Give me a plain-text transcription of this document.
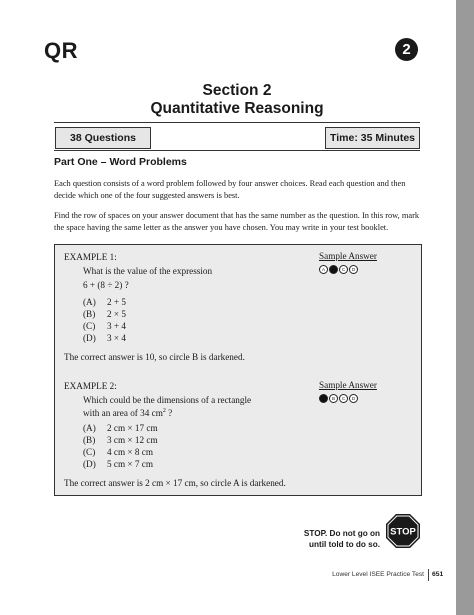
QR	2
Section 2
Quantitative Reasoning
38 Questions	Time: 35 Minutes
Part One – Word Problems
Each question consists of a word problem followed by four answer choices. Read each question and then decide which one of the four suggested answers is best.
Find the row of spaces on your answer document that has the same number as the question. In this row, mark the space having the same letter as the answer you have chosen. You may write in your test booklet.
EXAMPLE 1:
What is the value of the expression
6 + (8 ÷ 2) ?
(A) 2 + 5
(B) 2 × 5
(C) 3 + 4
(D) 3 × 4
The correct answer is 10, so circle B is darkened.
Sample Answer
A	B	C	D
EXAMPLE 2:
Which could be the dimensions of a rectangle
with an area of 34 $cm^2$ ?
(A) 2 cm × 17 cm
(B) 3 cm × 12 cm
(C) 4 cm × 8 cm
(D) 5 cm × 7 cm
The correct answer is 2 cm × 17 cm, so circle A is darkened.
Sample Answer
A	B	C	D
STOP. Do not go on
until told to do so.
STOP
Lower Level ISEE Practice Test 651
